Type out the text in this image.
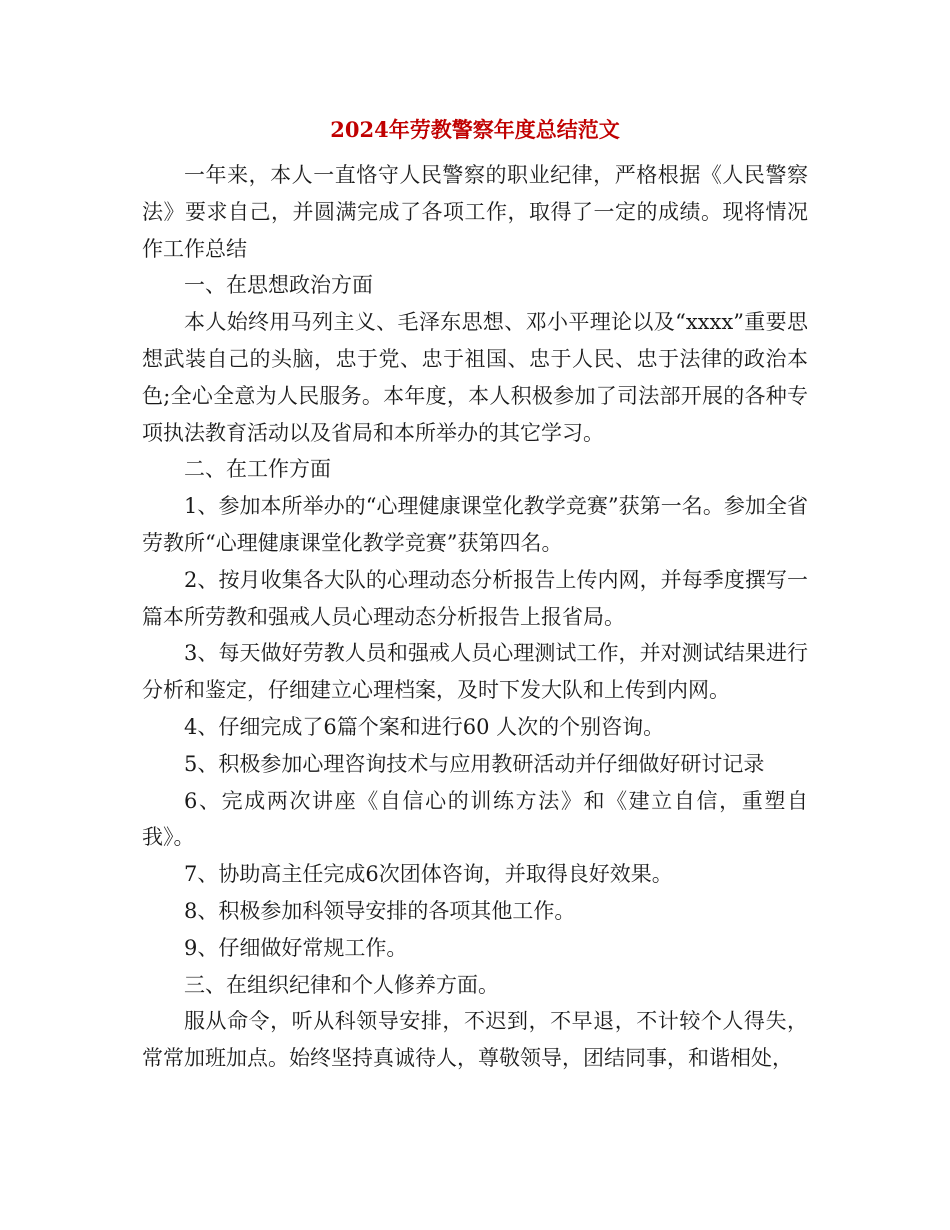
2024年劳教警察年度总结范文

一年来，本人一直恪守人民警察的职业纪律，严格根据《人民警察法》要求自己，并圆满完成了各项工作，取得了一定的成绩。现将情况作工作总结

一、在思想政治方面

本人始终用马列主义、毛泽东思想、邓小平理论以及“xxxx”重要思想武装自己的头脑，忠于党、忠于祖国、忠于人民、忠于法律的政治本色;全心全意为人民服务。本年度，本人积极参加了司法部开展的各种专项执法教育活动以及省局和本所举办的其它学习。

二、在工作方面

1、参加本所举办的“心理健康课堂化教学竞赛”获第一名。参加全省劳教所“心理健康课堂化教学竞赛”获第四名。

2、按月收集各大队的心理动态分析报告上传内网，并每季度撰写一篇本所劳教和强戒人员心理动态分析报告上报省局。

3、每天做好劳教人员和强戒人员心理测试工作，并对测试结果进行分析和鉴定，仔细建立心理档案，及时下发大队和上传到内网。

4、仔细完成了6篇个案和进行60 人次的个别咨询。

5、积极参加心理咨询技术与应用教研活动并仔细做好研讨记录

6、完成两次讲座《自信心的训练方法》和《建立自信，重塑自我》。

7、协助高主任完成6次团体咨询，并取得良好效果。

8、积极参加科领导安排的各项其他工作。

9、仔细做好常规工作。

三、在组织纪律和个人修养方面。

服从命令，听从科领导安排，不迟到，不早退，不计较个人得失，常常加班加点。始终坚持真诚待人，尊敬领导，团结同事，和谐相处，
